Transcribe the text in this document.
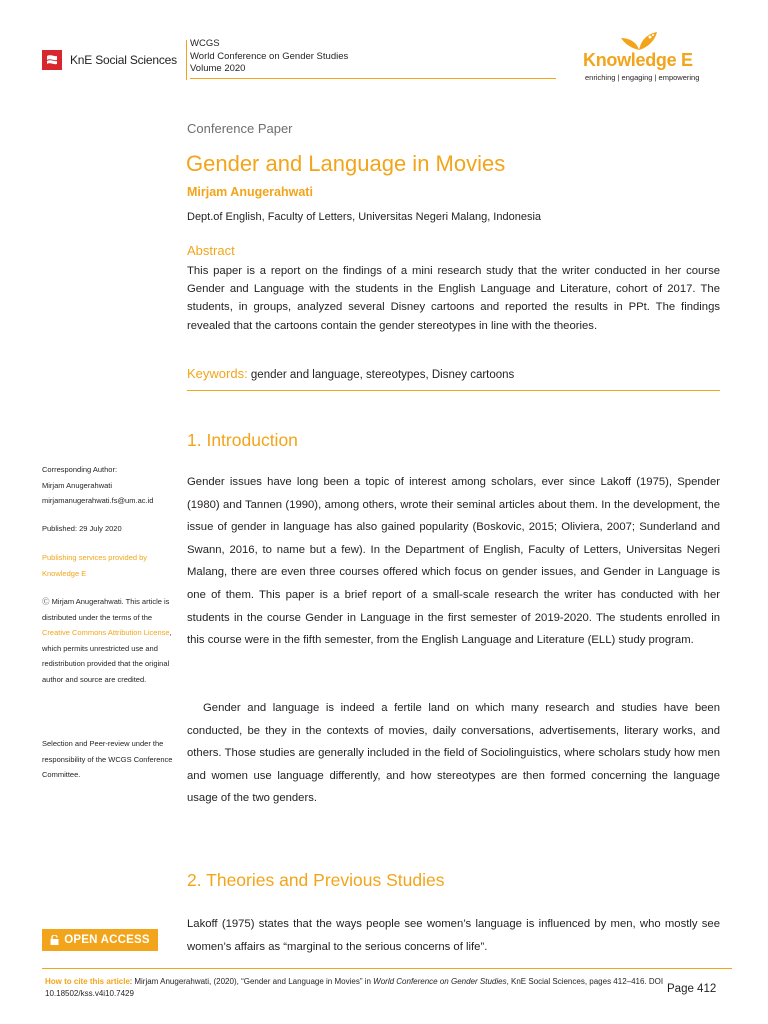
KnE Social Sciences
WCGS
World Conference on Gender Studies
Volume 2020	Knowledge E
enriching | engaging | empowering
Conference Paper
Gender and Language in Movies
Mirjam Anugerahwati
Dept.of English, Faculty of Letters, Universitas Negeri Malang, Indonesia
Abstract
This paper is a report on the findings of a mini research study that the writer conducted in her course Gender and Language with the students in the English Language and Literature, cohort of 2017. The students, in groups, analyzed several Disney cartoons and reported the results in PPt. The findings revealed that the cartoons contain the gender stereotypes in line with the theories.
Keywords: gender and language, stereotypes, Disney cartoons
1. Introduction
Gender issues have long been a topic of interest among scholars, ever since Lakoff (1975), Spender (1980) and Tannen (1990), among others, wrote their seminal articles about them. In the development, the issue of gender in language has also gained popularity (Boskovic, 2015; Oliviera, 2007; Sunderland and Swann, 2016, to name but a few). In the Department of English, Faculty of Letters, Universitas Negeri Malang, there are even three courses offered which focus on gender issues, and Gender in Language is one of them. This paper is a brief report of a small-scale research the writer has conducted with her students in the course Gender in Language in the first semester of 2019-2020. The students enrolled in this course were in the fifth semester, from the English Language and Literature (ELL) study program.
Gender and language is indeed a fertile land on which many research and studies have been conducted, be they in the contexts of movies, daily conversations, advertisements, literary works, and others. Those studies are generally included in the field of Sociolinguistics, where scholars study how men and women use language differently, and how stereotypes are then formed concerning the language usage of the two genders.
2. Theories and Previous Studies
Lakoff (1975) states that the ways people see women’s language is influenced by men, who mostly see women’s affairs as “marginal to the serious concerns of life”.
Corresponding Author:
Mirjam Anugerahwati
mirjamanugerahwati.fs@um.ac.id
Published: 29 July 2020
Publishing services provided by Knowledge E
Ⓒ Mirjam Anugerahwati. This article is distributed under the terms of the Creative Commons Attribution License, which permits unrestricted use and redistribution provided that the original author and source are credited.
Selection and Peer-review under the responsibility of the WCGS Conference Committee.
OPEN ACCESS
How to cite this article: Mirjam Anugerahwati, (2020), “Gender and Language in Movies” in World Conference on Gender Studies, KnE Social Sciences, pages 412–416. DOI 10.18502/kss.v4i10.7429	Page 412
